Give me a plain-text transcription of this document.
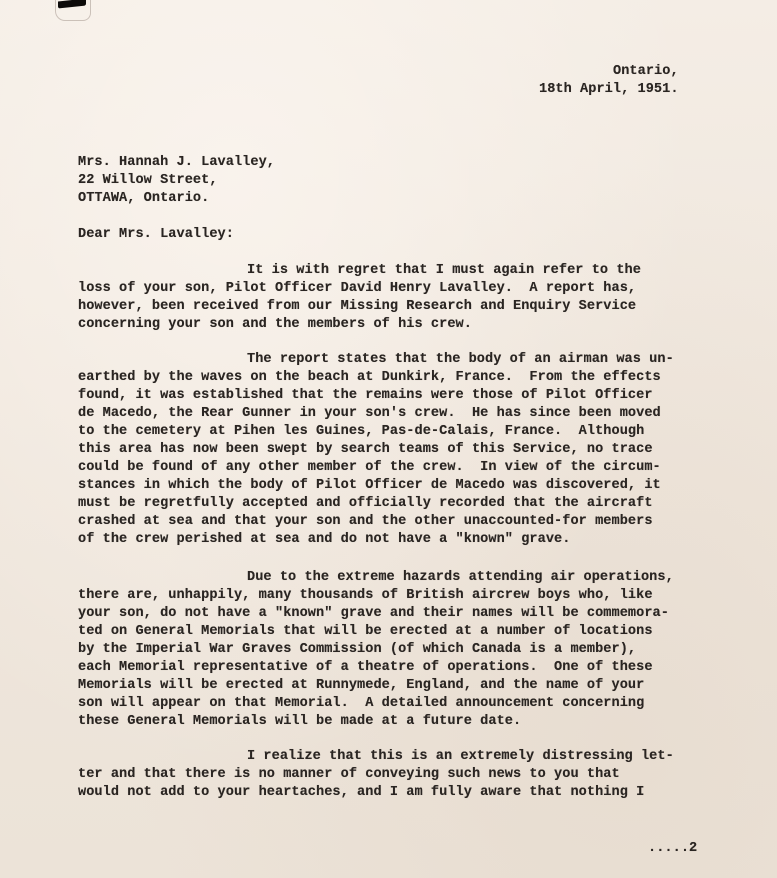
Ontario,
18th April, 1951.
Mrs. Hannah J. Lavalley,
22 Willow Street,
OTTAWA, Ontario.
Dear Mrs. Lavalley:
It is with regret that I must again refer to the
loss of your son, Pilot Officer David Henry Lavalley.  A report has,
however, been received from our Missing Research and Enquiry Service
concerning your son and the members of his crew.
The report states that the body of an airman was un-
earthed by the waves on the beach at Dunkirk, France.  From the effects
found, it was established that the remains were those of Pilot Officer
de Macedo, the Rear Gunner in your son's crew.  He has since been moved
to the cemetery at Pihen les Guines, Pas-de-Calais, France.  Although
this area has now been swept by search teams of this Service, no trace
could be found of any other member of the crew.  In view of the circum-
stances in which the body of Pilot Officer de Macedo was discovered, it
must be regretfully accepted and officially recorded that the aircraft
crashed at sea and that your son and the other unaccounted-for members
of the crew perished at sea and do not have a "known" grave.
Due to the extreme hazards attending air operations,
there are, unhappily, many thousands of British aircrew boys who, like
your son, do not have a "known" grave and their names will be commemora-
ted on General Memorials that will be erected at a number of locations
by the Imperial War Graves Commission (of which Canada is a member),
each Memorial representative of a theatre of operations.  One of these
Memorials will be erected at Runnymede, England, and the name of your
son will appear on that Memorial.  A detailed announcement concerning
these General Memorials will be made at a future date.
I realize that this is an extremely distressing let-
ter and that there is no manner of conveying such news to you that
would not add to your heartaches, and I am fully aware that nothing I
.....2
